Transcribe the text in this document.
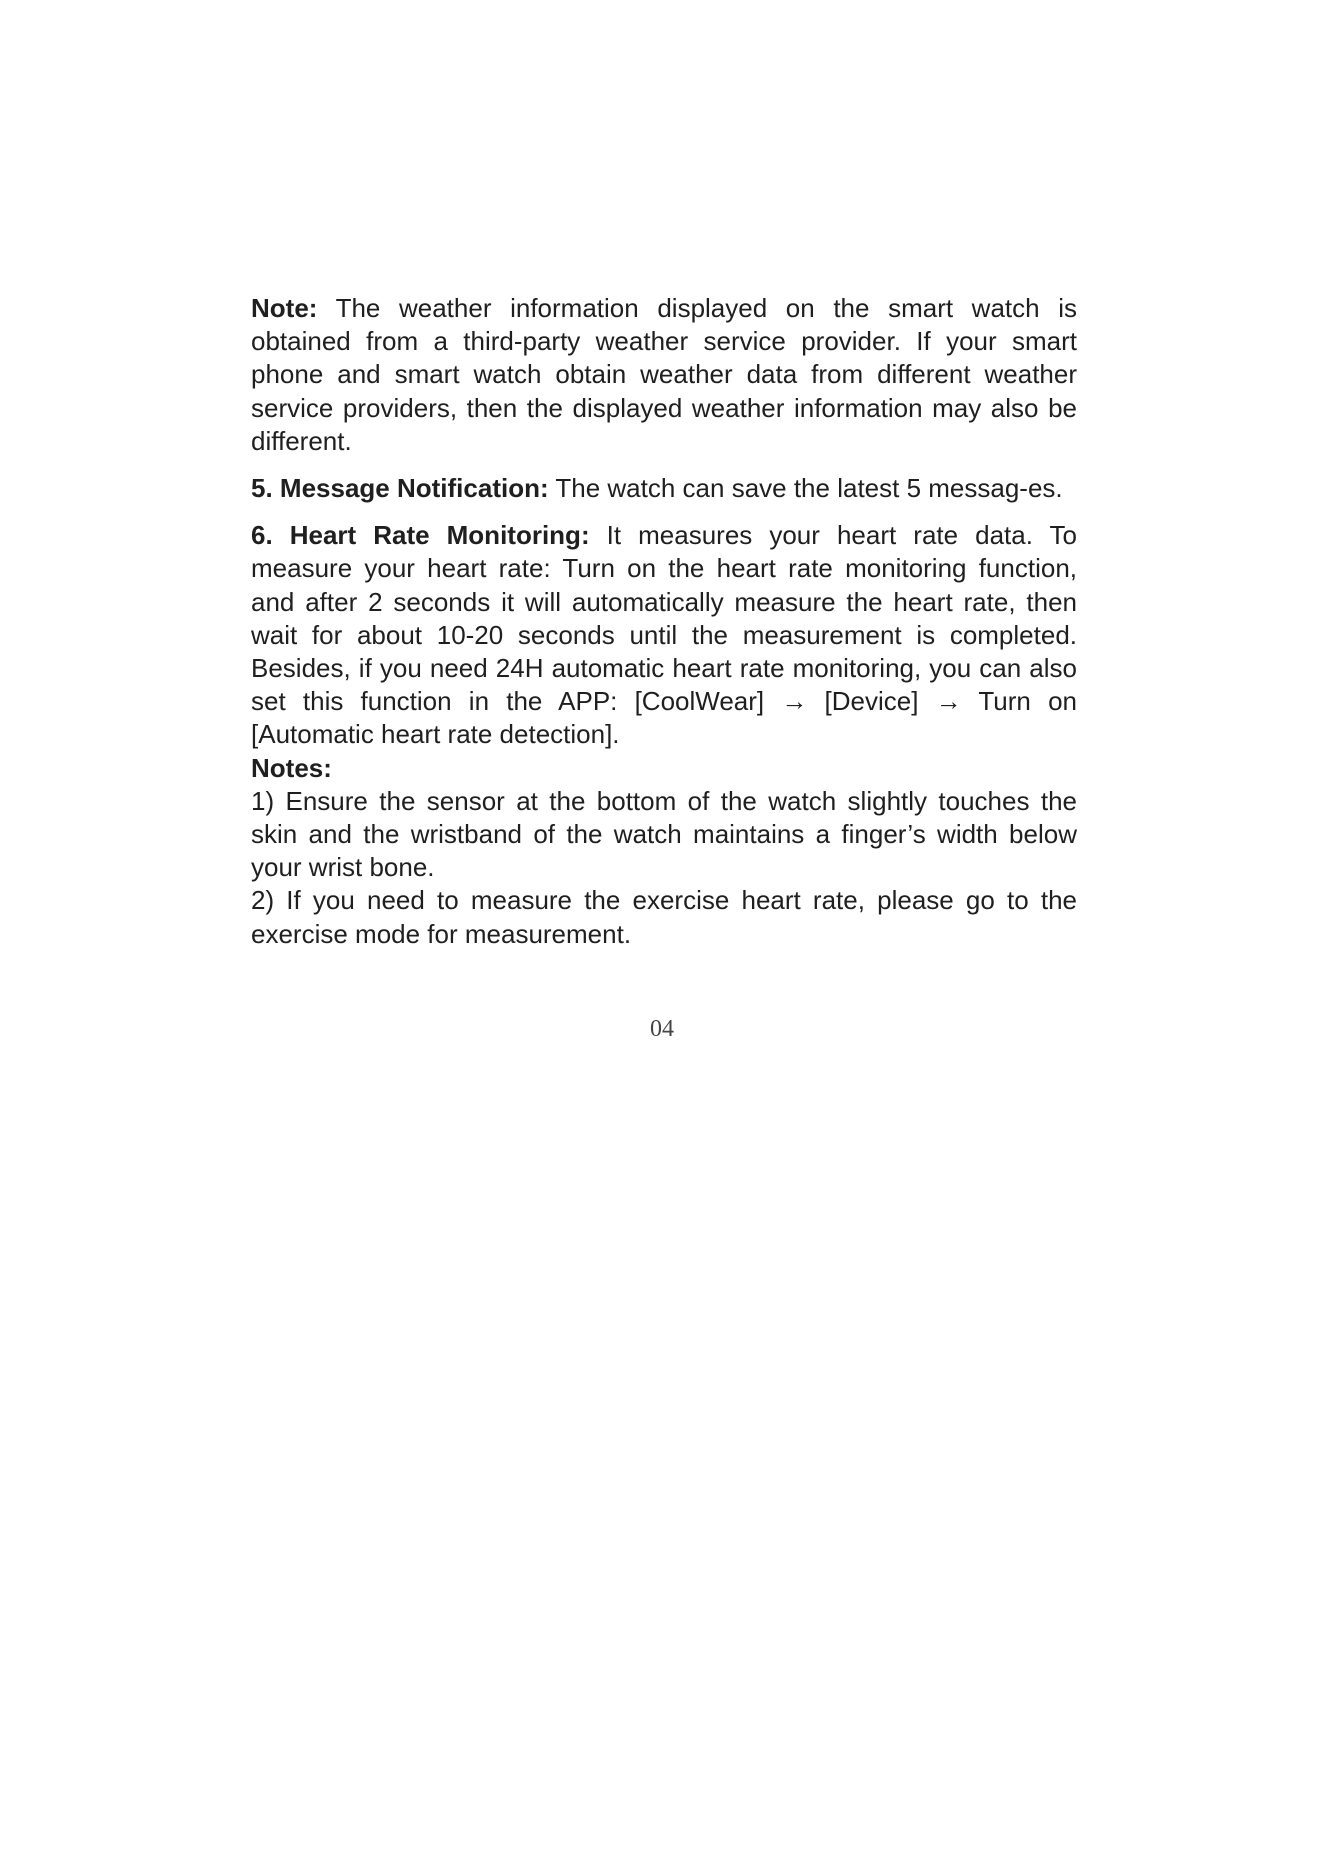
Note: The weather information displayed on the smart watch is obtained from a third-party weather service provider. If your smart phone and smart watch obtain weather data from different weather service providers, then the displayed weather information may also be different.

5. Message Notification: The watch can save the latest 5 messag-es.

6. Heart Rate Monitoring: It measures your heart rate data. To measure your heart rate: Turn on the heart rate monitoring function, and after 2 seconds it will automatically measure the heart rate, then wait for about 10-20 seconds until the measurement is completed. Besides, if you need 24H automatic heart rate monitoring, you can also set this function in the APP: [CoolWear] → [Device] → Turn on [Automatic heart rate detection].

Notes:

1) Ensure the sensor at the bottom of the watch slightly touches the skin and the wristband of the watch maintains a finger’s width below your wrist bone.

2) If you need to measure the exercise heart rate, please go to the exercise mode for measurement.

04
